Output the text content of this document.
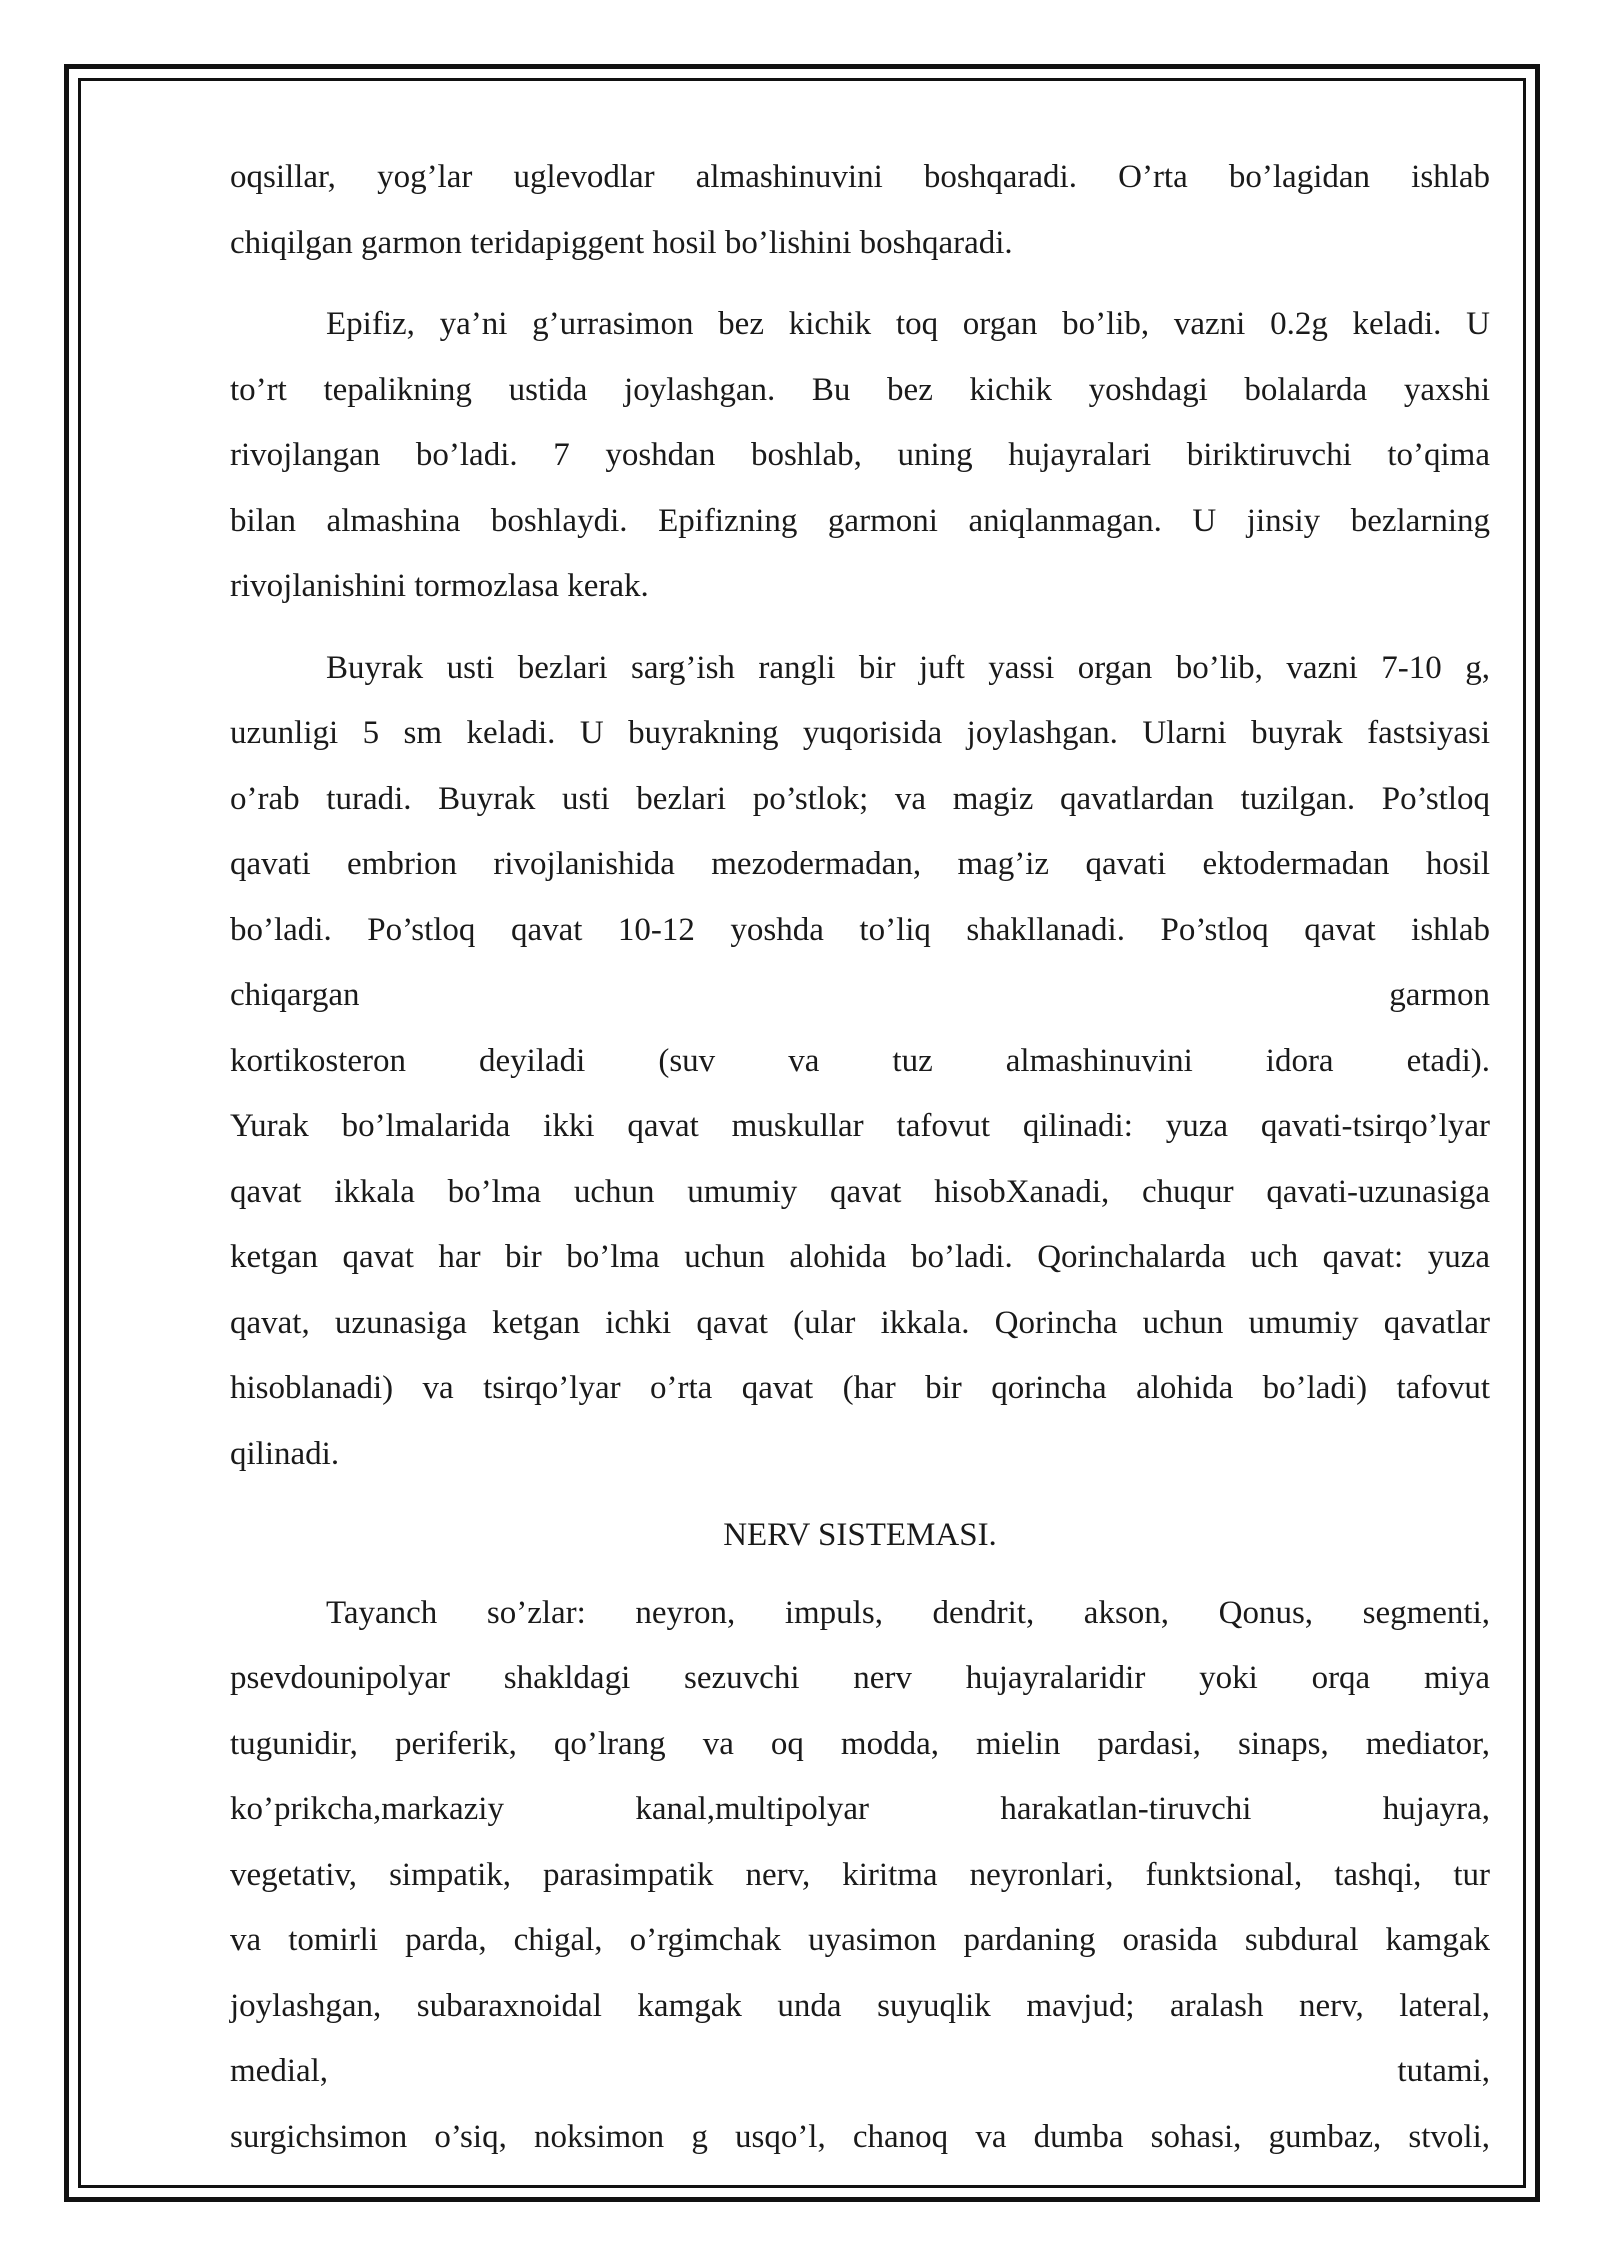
oqsillar, yog’lar uglevodlar almashinuvini boshqaradi. O’rta bo’lagidan ishlab
chiqilgan garmon teridapiggent hosil bo’lishini boshqaradi.
Epifiz, ya’ni g’urrasimon bez kichik toq organ bo’lib, vazni 0.2g keladi. U
to’rt tepalikning ustida joylashgan. Bu bez kichik yoshdagi bolalarda yaxshi
rivojlangan bo’ladi. 7 yoshdan boshlab, uning hujayralari biriktiruvchi to’qima
bilan almashina boshlaydi. Epifizning garmoni aniqlanmagan. U jinsiy bezlarning
rivojlanishini tormozlasa kerak.
Buyrak usti bezlari sarg’ish rangli bir juft yassi organ bo’lib, vazni 7-10 g,
uzunligi 5 sm keladi. U buyrakning yuqorisida joylashgan. Ularni buyrak fastsiyasi
o’rab turadi. Buyrak usti bezlari po’stlok; va magiz qavatlardan tuzilgan. Po’stloq
qavati embrion rivojlanishida mezodermadan, mag’iz qavati ektodermadan hosil
bo’ladi. Po’stloq qavat 10-12 yoshda to’liq shakllanadi. Po’stloq qavat ishlab
chiqargan garmon
kortikosteron deyiladi (suv va tuz almashinuvini idora etadi).
Yurak bo’lmalarida ikki qavat muskullar tafovut qilinadi: yuza qavati-tsirqo’lyar
qavat ikkala bo’lma uchun umumiy qavat hisobXanadi, chuqur qavati-uzunasiga
ketgan qavat har bir bo’lma uchun alohida bo’ladi. Qorinchalarda uch qavat: yuza
qavat, uzunasiga ketgan ichki qavat (ular ikkala. Qorincha uchun umumiy qavatlar
hisoblanadi) va tsirqo’lyar o’rta qavat (har bir qorincha alohida bo’ladi) tafovut
qilinadi.
NERV SISTEMASI.
Tayanch so’zlar: neyron, impuls, dendrit, akson, Qonus, segmenti,
psevdounipolyar shakldagi sezuvchi nerv hujayralaridir yoki orqa miya
tugunidir, periferik, qo’lrang va oq modda, mielin pardasi, sinaps, mediator,
ko’prikcha,markaziy kanal,multipolyar harakatlan-tiruvchi hujayra,
vegetativ, simpatik, parasimpatik nerv, kiritma neyronlari, funktsional, tashqi, tur
va tomirli parda, chigal, o’rgimchak uyasimon pardaning orasida subdural kamgak
joylashgan, subaraxnoidal kamgak unda suyuqlik mavjud; aralash nerv, lateral,
medial, tutami,
surgichsimon o’siq, noksimon g usqo’l, chanoq va dumba sohasi, gumbaz, stvoli,
